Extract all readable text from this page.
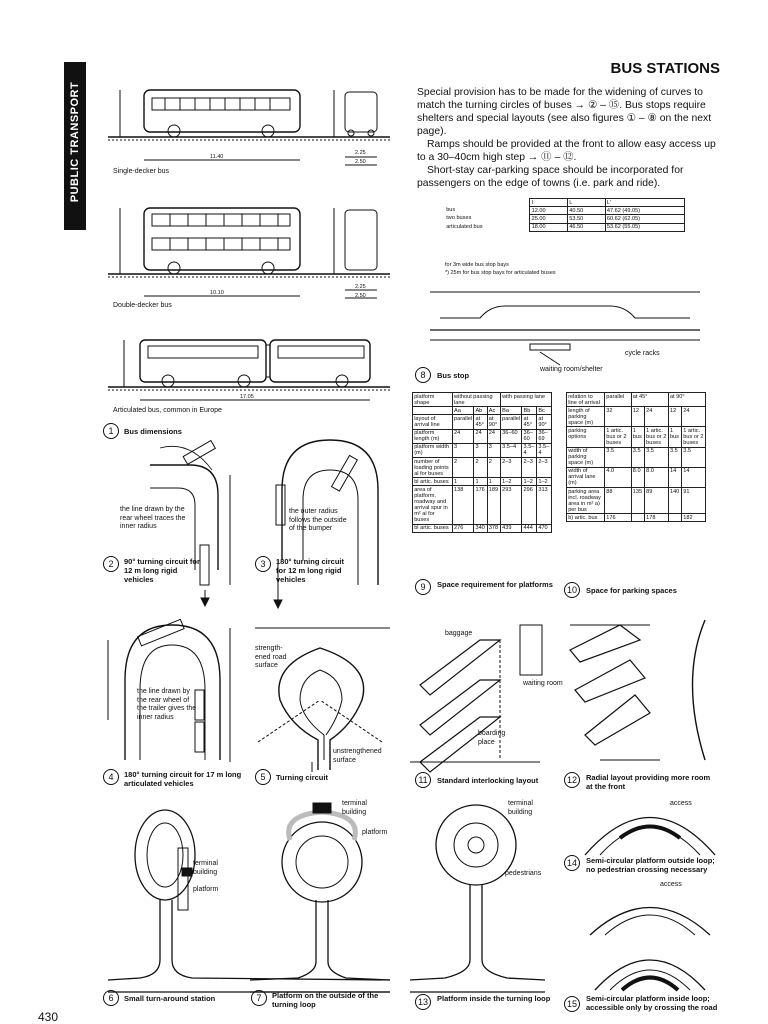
PUBLIC TRANSPORT
BUS STATIONS

Special provision has to be made for the widening of curves to match the turning circles of buses → ② – ⑮. Bus stops require shelters and special layouts (see also figures ① – ⑧ on the next page).

Ramps should be provided at the front to allow easy access up to a 30–40cm high step → ⑪ – ⑫.

Short-stay car-parking space should be incorporated for passengers on the edge of towns (i.e. park and ride).

Single-decker bus
11.40
2.25
2.50
Double-decker bus
10.10
2.25
2.50
17.05
Articulated bus, common in Europe
1	Bus dimensions
the line drawn by the rear wheel traces the inner radius
2	90° turning circuit for 12 m long rigid vehicles
the outer radius follows the outside of the bumper
3	180° turning circuit for 12 m long rigid vehicles
the line drawn by the rear wheel of the trailer gives the inner radius
4	180° turning circuit for 17 m long articulated vehicles
strength-ened road surface
unstrengthened surface
5	Turning circuit
terminal building
platform
6	Small turn-around station
terminal building
platform
7	Platform on the outside of the turning loop
	l	L	L'
bus	12.00	40.50	47.62 (49.05)
two buses	25.00	53.50	60.62 (62.05)
articulated bus	18.00	46.50	53.62 (55.05)
for 3m wide bus stop bays
*) 25m for bus stop bays for articulated buses
cycle racks
waiting room/shelter
8	Bus stop
platform shape	without passing lane			with passing lane		
	Aa	Ab	Ac	Ba	Bb	Bc
layout of arrival line	parallel	at 45°	at 90°	parallel	at 45°	at 90°
platform length (m)	24	24	24	36–60	36–60	36–69
platform width (m)	3	3	3	3.5–4	3.5–4	3.5–4
number of loading points al for buses	2	2	2	2–3	2–3	2–3
bl artic. buses	1	1	1	1–2	1–2	1–2
area of platform, roadway and arrival spur in m² al for buses	138	176	189	293	296	313
bl artic. buses	276	340	378	439	444	470
9	Space requirement for platforms
relation to line of arrival	parallel	at 45°		at 90°	
length of parking space (m)	32	12	24	12	24
parking options	1 artic. bus or 2 buses	1 bus	1 artic. bus or 2 buses	1 bus	1 artic. bus or 2 buses
width of parking space (m)	3.5	3.5	3.5	3.5	3.5
width of arrival lane (m)	4.0	8.0	8.0	14	14
parking area incl. roadway area in m² a) per bus	88	135	89	140	91
b) artic. bus	176		178		182
10	Space for parking spaces
baggage
waiting room
boarding place
11	Standard interlocking layout	12	Radial layout providing more room at the front
terminal building
pedestrians
13	Platform inside the turning loop
access
14	Semi-circular platform outside loop; no pedestrian crossing necessary
access
15
Semi-circular platform inside loop; accessible only by crossing the road
430
